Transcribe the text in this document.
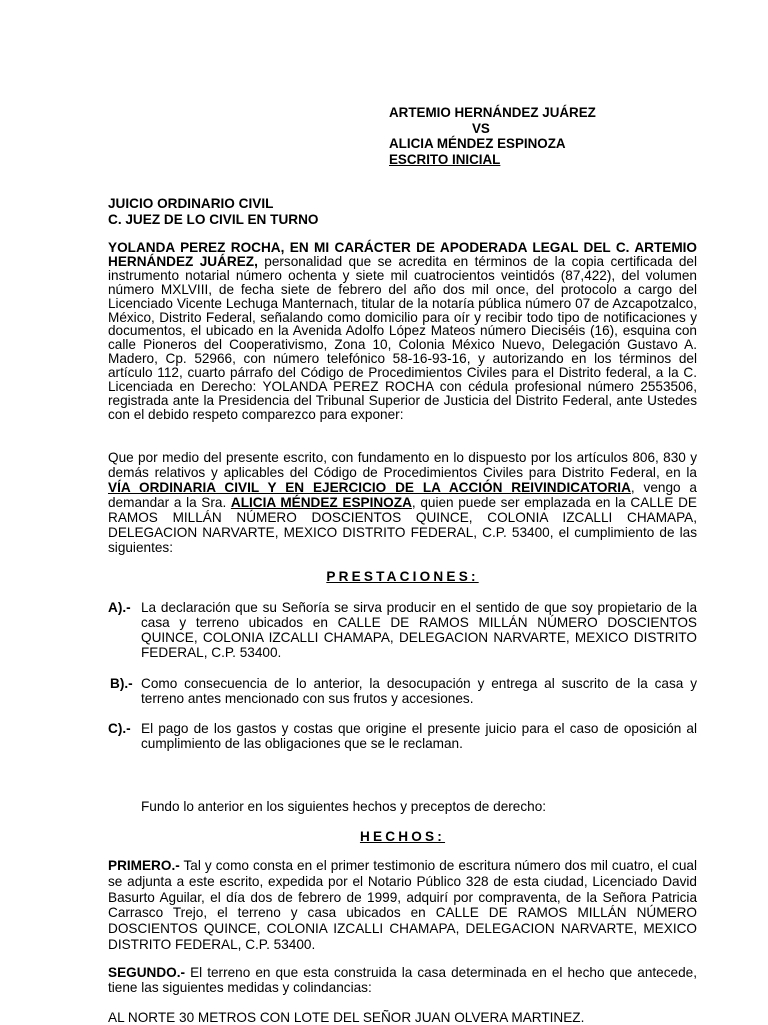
ARTEMIO HERNÁNDEZ JUÁREZ
VS
ALICIA MÉNDEZ ESPINOZA
ESCRITO INICIAL
JUICIO ORDINARIO CIVIL
C. JUEZ DE LO CIVIL EN TURNO
YOLANDA PEREZ ROCHA, EN MI CARÁCTER DE APODERADA LEGAL DEL C. ARTEMIO HERNÁNDEZ JUÁREZ, personalidad que se acredita en términos de la copia certificada del instrumento notarial número ochenta y siete mil cuatrocientos veintidós (87,422), del volumen número MXLVIII, de fecha siete de febrero del año dos mil once, del protocolo a cargo del Licenciado Vicente Lechuga Manternach, titular de la notaría pública número 07 de Azcapotzalco, México, Distrito Federal, señalando como domicilio para oír y recibir todo tipo de notificaciones y documentos, el ubicado en la Avenida Adolfo López Mateos número Dieciséis (16), esquina con calle Pioneros del Cooperativismo, Zona 10, Colonia México Nuevo, Delegación Gustavo A. Madero, Cp. 52966, con número telefónico 58-16-93-16, y autorizando en los términos del artículo 112, cuarto párrafo del Código de Procedimientos Civiles para el Distrito federal, a la C. Licenciada en Derecho: YOLANDA PEREZ ROCHA con cédula profesional número 2553506, registrada ante la Presidencia del Tribunal Superior de Justicia del Distrito Federal, ante Ustedes con el debido respeto comparezco para exponer:
Que por medio del presente escrito, con fundamento en lo dispuesto por los artículos 806, 830 y demás relativos y aplicables del Código de Procedimientos Civiles para Distrito Federal, en la VÍA ORDINARIA CIVIL Y EN EJERCICIO DE LA ACCIÓN REIVINDICATORIA, vengo a demandar a la Sra. ALICIA MÉNDEZ ESPINOZA, quien puede ser emplazada en la CALLE DE RAMOS MILLÁN NÚMERO DOSCIENTOS QUINCE, COLONIA IZCALLI CHAMAPA, DELEGACION NARVARTE, MEXICO DISTRITO FEDERAL, C.P. 53400, el cumplimiento de las siguientes:
PRESTACIONES:
A).- La declaración que su Señoría se sirva producir en el sentido de que soy propietario de la casa y terreno ubicados en CALLE DE RAMOS MILLÁN NÚMERO DOSCIENTOS QUINCE, COLONIA IZCALLI CHAMAPA, DELEGACION NARVARTE, MEXICO DISTRITO FEDERAL, C.P. 53400.
B).- Como consecuencia de lo anterior, la desocupación y entrega al suscrito de la casa y terreno antes mencionado con sus frutos y accesiones.
C).- El pago de los gastos y costas que origine el presente juicio para el caso de oposición al cumplimiento de las obligaciones que se le reclaman.
Fundo lo anterior en los siguientes hechos y preceptos de derecho:
HECHOS:
PRIMERO.- Tal y como consta en el primer testimonio de escritura número dos mil cuatro, el cual se adjunta a este escrito, expedida por el Notario Público 328 de esta ciudad, Licenciado David Basurto Aguilar, el día dos de febrero de 1999, adquirí por compraventa, de la Señora Patricia Carrasco Trejo, el terreno y casa ubicados en CALLE DE RAMOS MILLÁN NÚMERO DOSCIENTOS QUINCE, COLONIA IZCALLI CHAMAPA, DELEGACION NARVARTE, MEXICO DISTRITO FEDERAL, C.P. 53400.
SEGUNDO.- El terreno en que esta construida la casa determinada en el hecho que antecede, tiene las siguientes medidas y colindancias:
AL NORTE 30 METROS CON LOTE DEL SEÑOR JUAN OLVERA MARTINEZ.
